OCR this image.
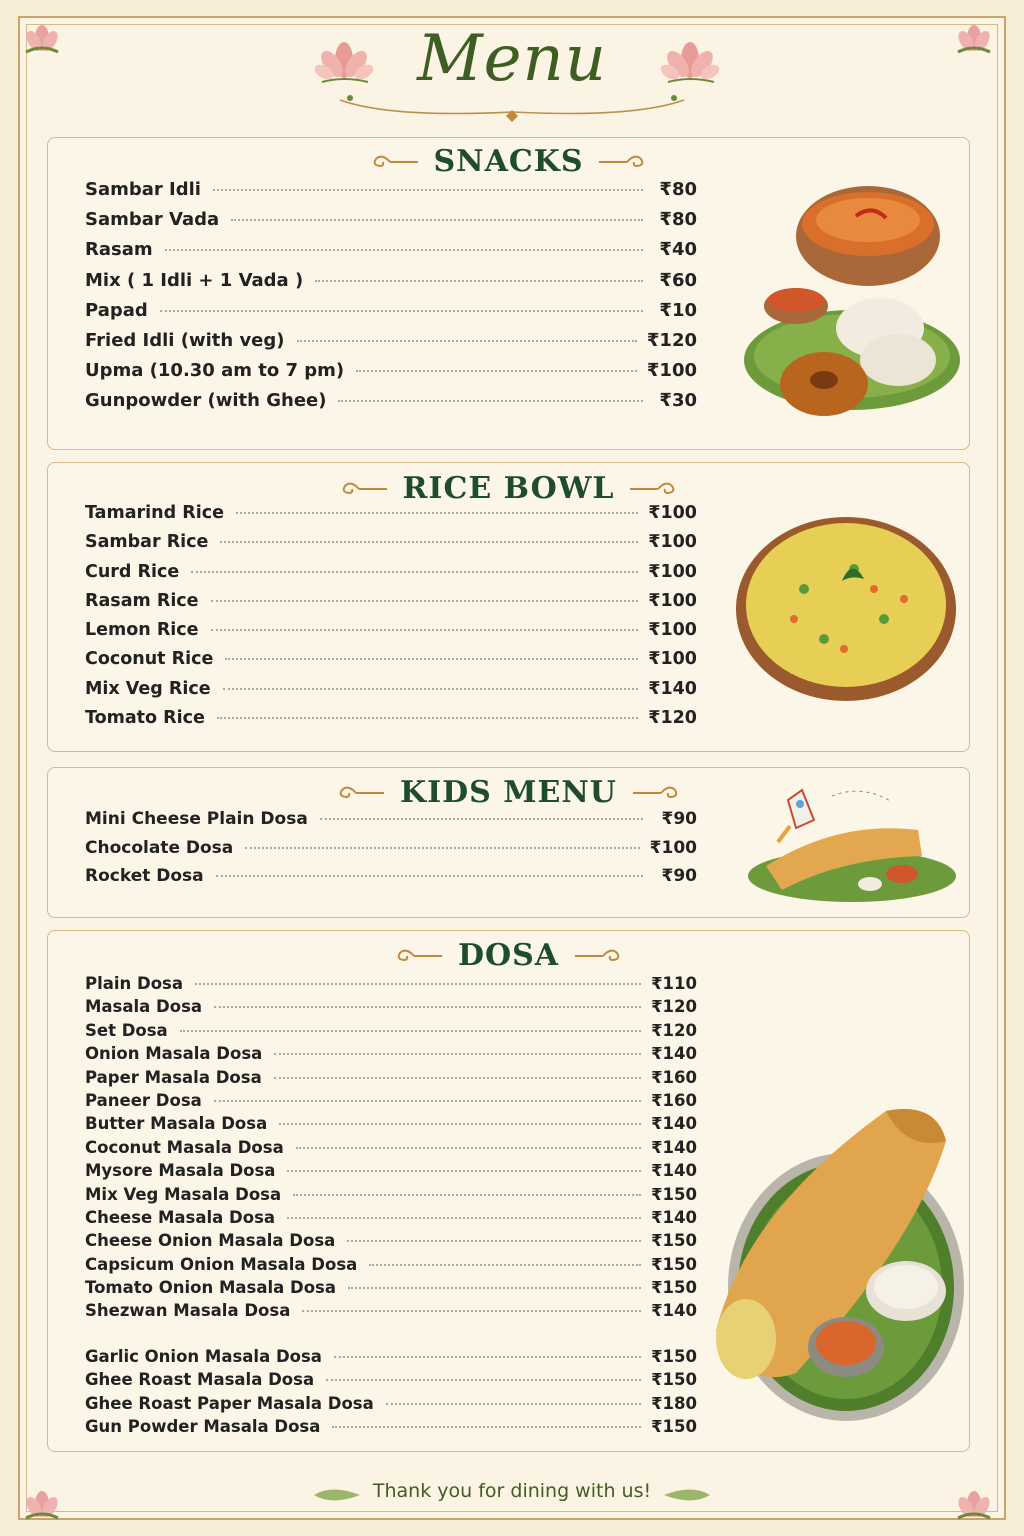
Menu
SNACKS
Sambar Idli	₹80
Sambar Vada	₹80
Rasam	₹40
Mix ( 1 Idli + 1 Vada )	₹60
Papad	₹10
Fried Idli (with veg)	₹120
Upma (10.30 am to 7 pm)	₹100
Gunpowder (with Ghee)	₹30
RICE BOWL
Tamarind Rice	₹100
Sambar Rice	₹100
Curd Rice	₹100
Rasam Rice	₹100
Lemon Rice	₹100
Coconut Rice	₹100
Mix Veg Rice	₹140
Tomato Rice	₹120
KIDS MENU
Mini Cheese Plain Dosa	₹90
Chocolate Dosa	₹100
Rocket Dosa	₹90
DOSA
Plain Dosa	₹110
Masala Dosa	₹120
Set Dosa	₹120
Onion Masala Dosa	₹140
Paper Masala Dosa	₹160
Paneer Dosa	₹160
Butter Masala Dosa	₹140
Coconut Masala Dosa	₹140
Mysore Masala Dosa	₹140
Mix Veg Masala Dosa	₹150
Cheese Masala Dosa	₹140
Cheese Onion Masala Dosa	₹150
Capsicum Onion Masala Dosa	₹150
Tomato Onion Masala Dosa	₹150
Shezwan Masala Dosa	₹140
Garlic Onion Masala Dosa	₹150
Ghee Roast Masala Dosa	₹150
Ghee Roast Paper Masala Dosa	₹180
Gun Powder Masala Dosa	₹150
Thank you for dining with us!
